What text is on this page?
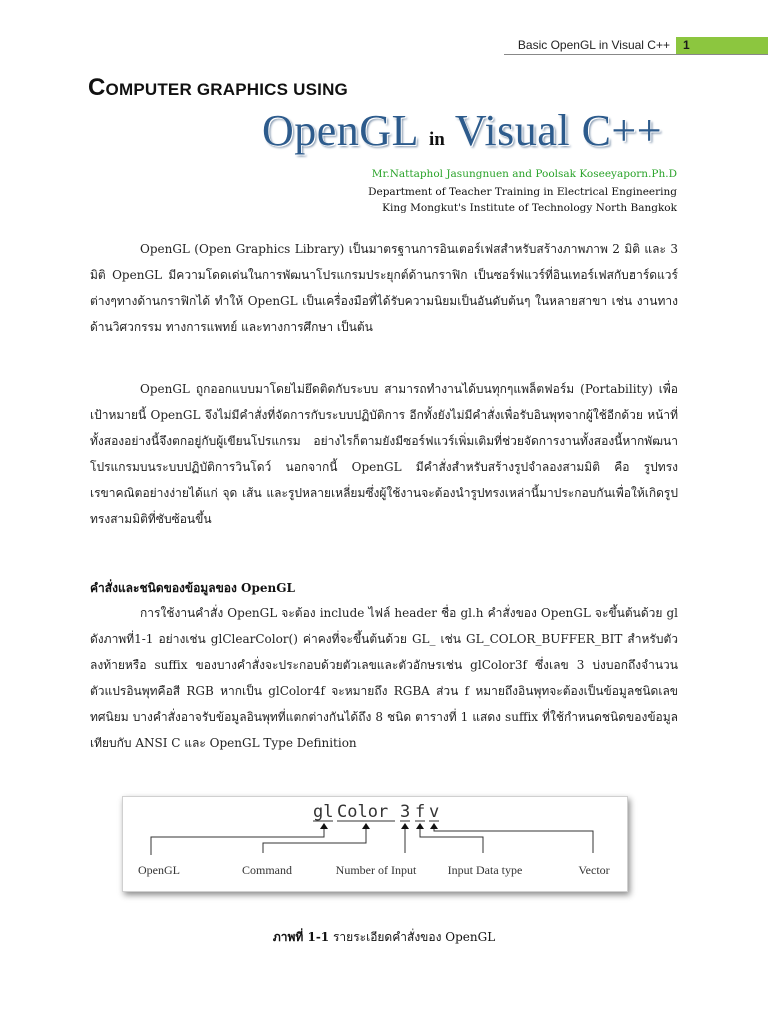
Basic OpenGL in Visual C++	1
COMPUTER GRAPHICS USING
OpenGL in Visual C++
Mr.Nattaphol Jasungnuen and Poolsak Koseeyaporn.Ph.D
Department of Teacher Training in Electrical Engineering
King Mongkut's Institute of Technology North Bangkok
OpenGL (Open Graphics Library) เป็นมาตรฐานการอินเตอร์เฟสสำหรับสร้างภาพภาพ 2 มิติ และ 3 มิติ OpenGL มีความโดดเด่นในการพัฒนาโปรแกรมประยุกต์ด้านกราฟิก เป็นซอร์ฟแวร์ที่อินเทอร์เฟสกับฮาร์ดแวร์ต่างๆทางด้านกราฟิกได้ ทำให้ OpenGL เป็นเครื่องมือที่ได้รับความนิยมเป็นอันดับต้นๆ ในหลายสาขา เช่น งานทางด้านวิศวกรรม ทางการแพทย์ และทางการศึกษา เป็นต้น
OpenGL ถูกออกแบบมาโดยไม่ยึดติดกับระบบ สามารถทำงานได้บนทุกๆแพล็ตฟอร์ม (Portability) เพื่อเป้าหมายนี้ OpenGL จึงไม่มีคำสั่งที่จัดการกับระบบปฏิบัติการ อีกทั้งยังไม่มีคำสั่งเพื่อรับอินพุทจากผู้ใช้อีกด้วย หน้าที่ทั้งสองอย่างนี้จึงตกอยู่กับผู้เขียนโปรแกรม อย่างไรก็ตามยังมีซอร์ฟแวร์เพิ่มเติมที่ช่วยจัดการงานทั้งสองนี้หากพัฒนาโปรแกรมบนระบบปฏิบัติการวินโดว์ นอกจากนี้ OpenGL มีคำสั่งสำหรับสร้างรูปจำลองสามมิติ คือ รูปทรงเรขาคณิตอย่างง่ายได้แก่ จุด เส้น และรูปหลายเหลี่ยมซึ่งผู้ใช้งานจะต้องนำรูปทรงเหล่านี้มาประกอบกันเพื่อให้เกิดรูปทรงสามมิติที่ซับซ้อนขึ้น
คำสั่งและชนิดของข้อมูลของ OpenGL
การใช้งานคำสั่ง OpenGL จะต้อง include ไฟล์ header ชื่อ gl.h คำสั่งของ OpenGL จะขึ้นต้นด้วย gl ดังภาพที่1-1 อย่างเช่น glClearColor() ค่าคงที่จะขึ้นต้นด้วย GL_ เช่น GL_COLOR_BUFFER_BIT สำหรับตัวลงท้ายหรือ suffix ของบางคำสั่งจะประกอบด้วยตัวเลขและตัวอักษรเช่น glColor3f ซึ่งเลข 3 บ่งบอกถึงจำนวนตัวแปรอินพุทคือสี RGB หากเป็น glColor4f จะหมายถึง RGBA ส่วน f หมายถึงอินพุทจะต้องเป็นข้อมูลชนิดเลขทศนิยม บางคำสั่งอาจรับข้อมูลอินพุทที่แตกต่างกันได้ถึง 8 ชนิด ตารางที่ 1 แสดง suffix ที่ใช้กำหนดชนิดของข้อมูลเทียบกับ ANSI C และ OpenGL Type Definition
gl Color 3 f v
OpenGL	Command	Number of Input	Input Data type	Vector
ภาพที่ 1-1 รายระเอียดคำสั่งของ OpenGL
